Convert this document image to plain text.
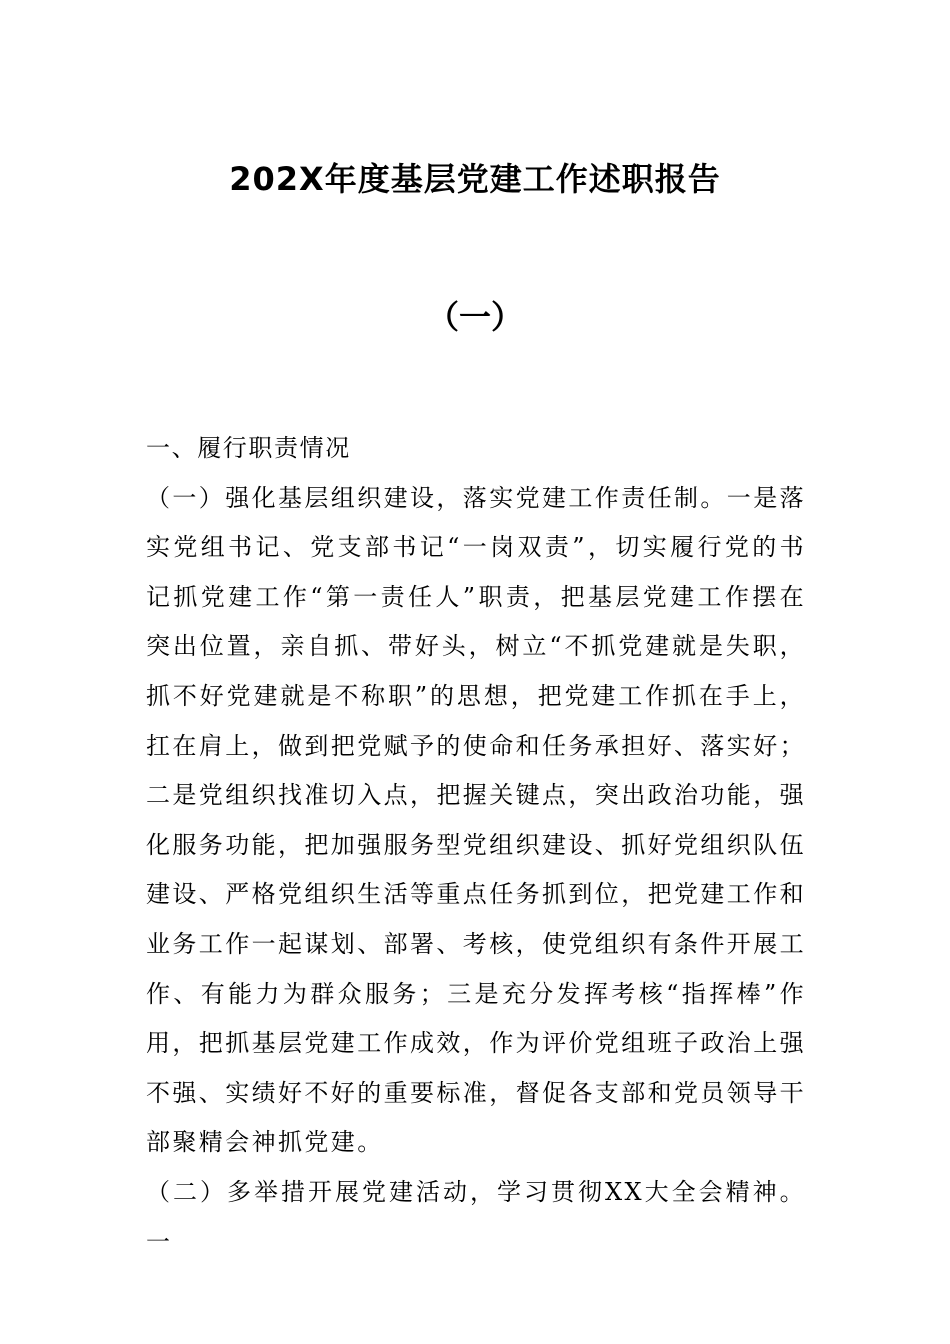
202X年度基层党建工作述职报告
（一）

一、履行职责情况

（一）强化基层组织建设，落实党建工作责任制。一是落实党组书记、党支部书记“一岗双责”，切实履行党的书记抓党建工作“第一责任人”职责，把基层党建工作摆在突出位置，亲自抓、带好头，树立“不抓党建就是失职，抓不好党建就是不称职”的思想，把党建工作抓在手上，扛在肩上，做到把党赋予的使命和任务承担好、落实好；二是党组织找准切入点，把握关键点，突出政治功能，强化服务功能，把加强服务型党组织建设、抓好党组织队伍建设、严格党组织生活等重点任务抓到位，把党建工作和业务工作一起谋划、部署、考核，使党组织有条件开展工作、有能力为群众服务；三是充分发挥考核“指挥棒”作用，把抓基层党建工作成效，作为评价党组班子政治上强不强、实绩好不好的重要标准，督促各支部和党员领导干部聚精会神抓党建。

（二）多举措开展党建活动，学习贯彻XX大全会精神。一
